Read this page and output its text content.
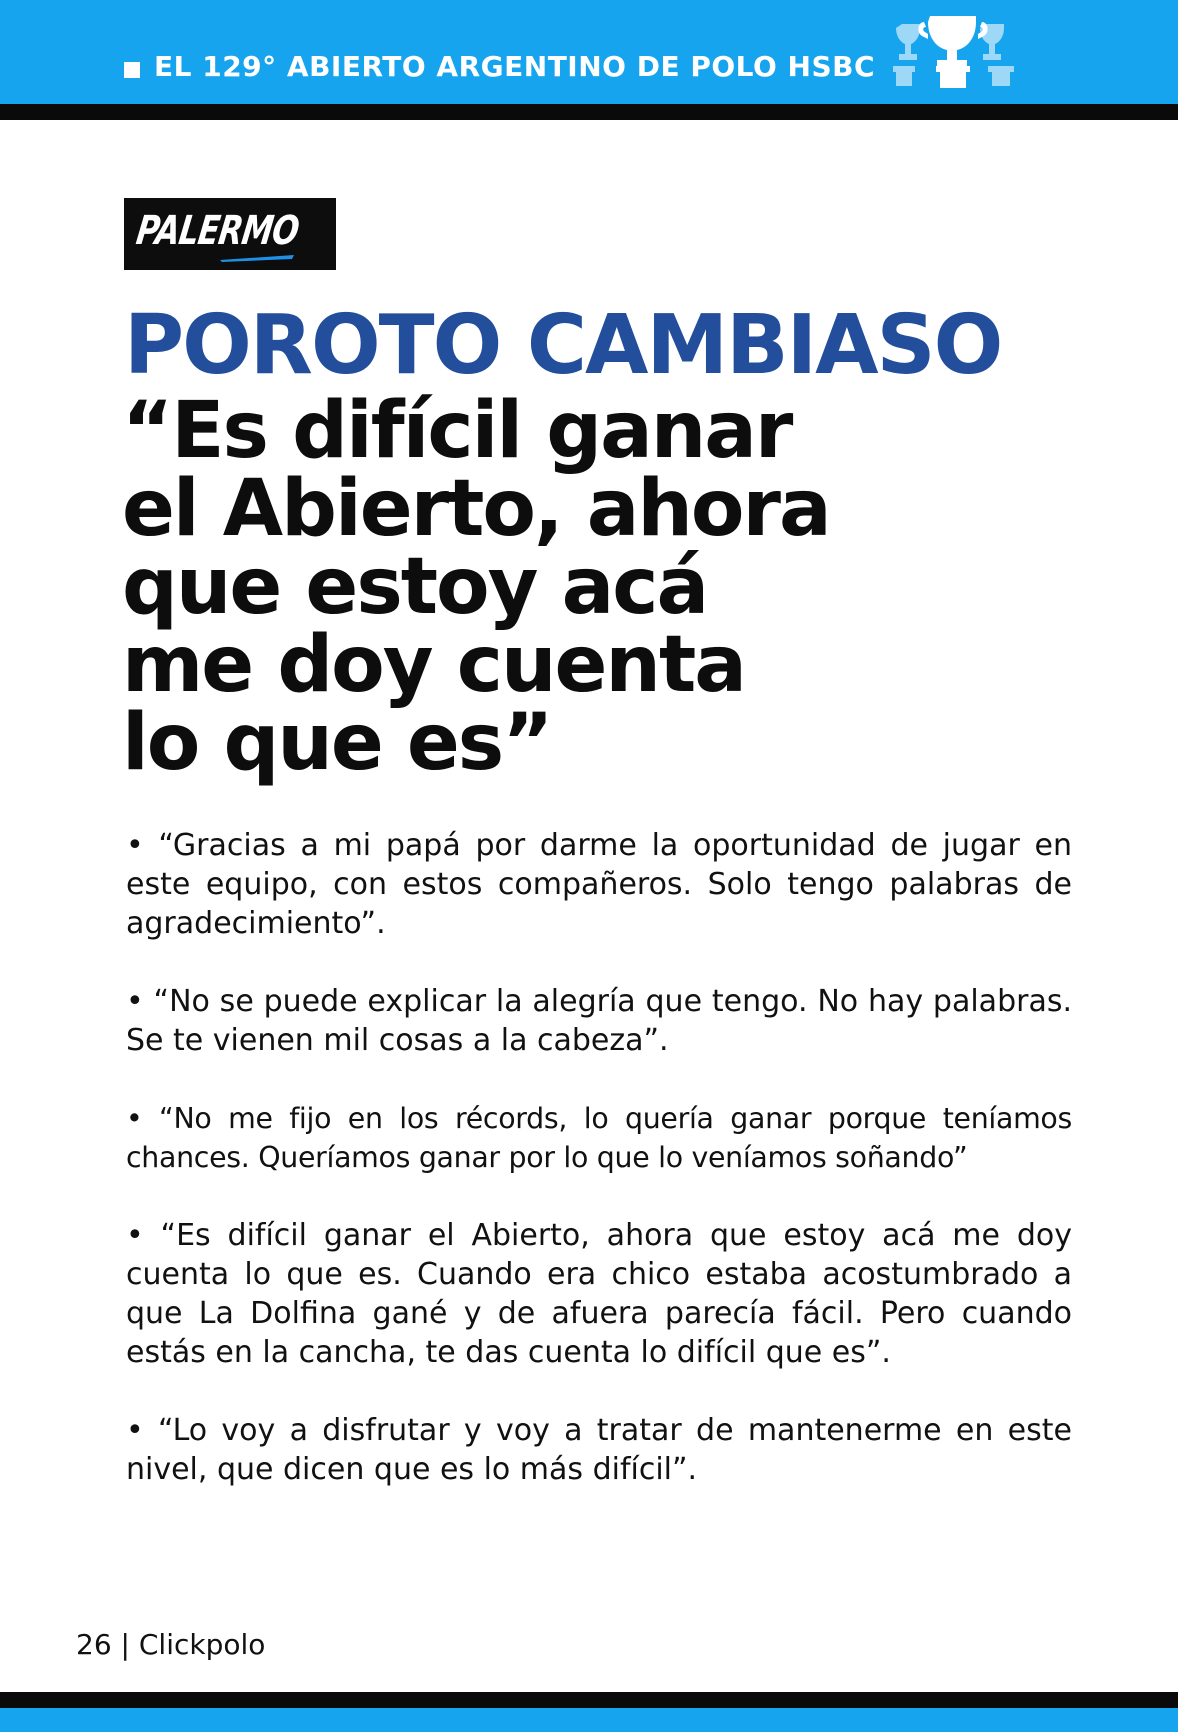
EL 129° ABIERTO ARGENTINO DE POLO HSBC
PALERMO
POROTO CAMBIASO
“Es difícil ganar
el Abierto, ahora
que estoy acá
me doy cuenta
lo que es”
• “Gracias a mi papá por darme la oportunidad de jugar en este equipo, con estos compañeros. Solo tengo palabras de agradecimiento”.
• “No se puede explicar la alegría que tengo. No hay palabras. Se te vienen mil cosas a la cabeza”.
• “No me fijo en los récords, lo quería ganar porque teníamos chances. Queríamos ganar por lo que lo veníamos soñando”
• “Es difícil ganar el Abierto, ahora que estoy acá me doy cuenta lo que es. Cuando era chico estaba acostumbrado a que La Dolfina gané y de afuera parecía fácil. Pero cuando estás en la cancha, te das cuenta lo difícil que es”.
• “Lo voy a disfrutar y voy a tratar de mantenerme en este nivel, que dicen que es lo más difícil”.
26 | Clickpolo
